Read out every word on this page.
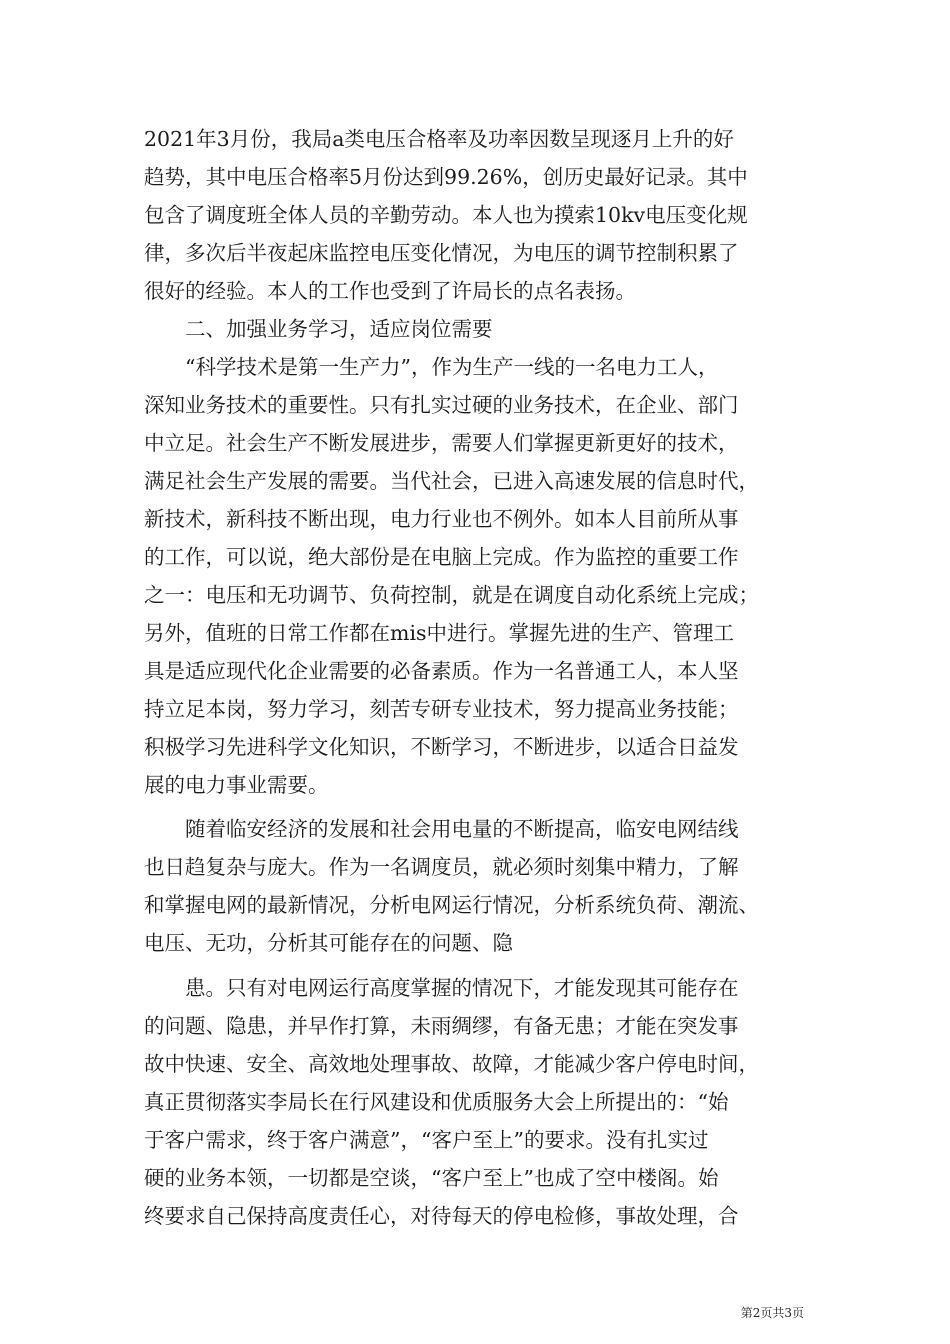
2021年3月份，我局a类电压合格率及功率因数呈现逐月上升的好
趋势，其中电压合格率5月份达到99.26%，创历史最好记录。其中
包含了调度班全体人员的辛勤劳动。本人也为摸索10kv电压变化规
律，多次后半夜起床监控电压变化情况，为电压的调节控制积累了
很好的经验。本人的工作也受到了许局长的点名表扬。
二、加强业务学习，适应岗位需要
“科学技术是第一生产力”，作为生产一线的一名电力工人，
深知业务技术的重要性。只有扎实过硬的业务技术，在企业、部门
中立足。社会生产不断发展进步，需要人们掌握更新更好的技术，
满足社会生产发展的需要。当代社会，已进入高速发展的信息时代，
新技术，新科技不断出现，电力行业也不例外。如本人目前所从事
的工作，可以说，绝大部份是在电脑上完成。作为监控的重要工作
之一：电压和无功调节、负荷控制，就是在调度自动化系统上完成；
另外，值班的日常工作都在mis中进行。掌握先进的生产、管理工
具是适应现代化企业需要的必备素质。作为一名普通工人，本人坚
持立足本岗，努力学习，刻苦专研专业技术，努力提高业务技能；
积极学习先进科学文化知识，不断学习，不断进步，以适合日益发
展的电力事业需要。
随着临安经济的发展和社会用电量的不断提高，临安电网结线
也日趋复杂与庞大。作为一名调度员，就必须时刻集中精力，了解
和掌握电网的最新情况，分析电网运行情况，分析系统负荷、潮流、
电压、无功，分析其可能存在的问题、隐
患。只有对电网运行高度掌握的情况下，才能发现其可能存在
的问题、隐患，并早作打算，未雨绸缪，有备无患；才能在突发事
故中快速、安全、高效地处理事故、故障，才能减少客户停电时间，
真正贯彻落实李局长在行风建设和优质服务大会上所提出的：“始
于客户需求，终于客户满意”，“客户至上”的要求。没有扎实过
硬的业务本领，一切都是空谈，“客户至上”也成了空中楼阁。始
终要求自己保持高度责任心，对待每天的停电检修，事故处理，合
第2页共3页
